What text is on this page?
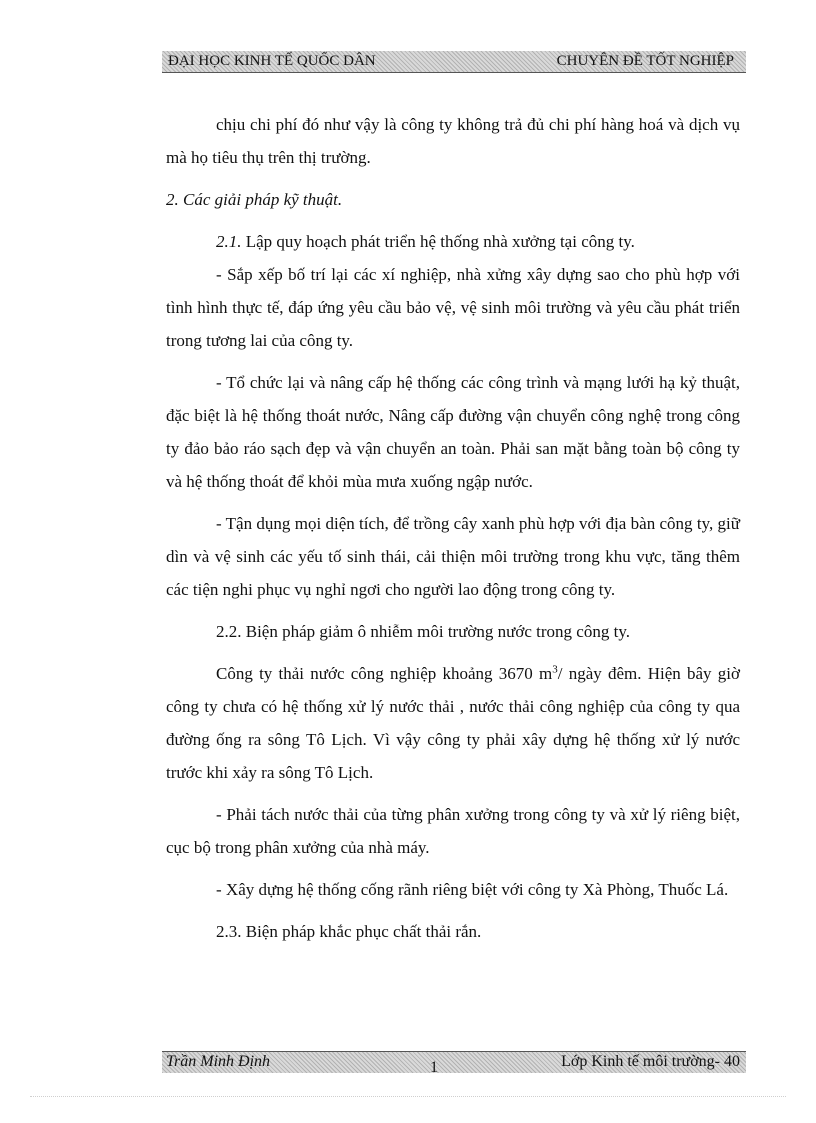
ĐẠI HỌC KINH TẾ QUỐC DÂN	CHUYÊN ĐỀ TỐT NGHIỆP

chịu chi phí đó như vậy là công ty không trả đủ chi phí hàng hoá và dịch vụ mà họ tiêu thụ trên thị trường.

2. Các giải pháp kỹ thuật.

2.1. Lập quy hoạch phát triển hệ thống nhà xưởng tại công ty.

- Sắp xếp bố trí lại các xí nghiệp, nhà xửng xây dựng sao cho phù hợp với tình hình thực tế, đáp ứng yêu cầu bảo vệ, vệ sinh môi trường và yêu cầu phát triển trong tương lai của công ty.

- Tổ chức lại và nâng cấp hệ thống các công trình và mạng lưới hạ kỷ thuật, đặc biệt là hệ thống thoát nước, Nâng cấp đường vận chuyển công nghệ trong công ty đảo bảo ráo sạch đẹp và vận chuyển an toàn. Phải san mặt bằng toàn bộ công ty và hệ thống thoát để khỏi mùa mưa xuống ngập nước.

- Tận dụng mọi diện tích, để trồng cây xanh phù hợp với địa bàn công ty, giữ dìn và vệ sinh các yếu tố sinh thái, cải thiện môi trường trong khu vực, tăng thêm các tiện nghi phục vụ nghỉ ngơi cho người lao động trong công ty.

2.2. Biện pháp giảm ô nhiễm môi trường nước trong công ty.

Công ty thải nước công nghiệp khoảng 3670 $m^3/$ ngày đêm. Hiện bây giờ công ty chưa có hệ thống xử lý nước thải , nước thải công nghiệp của công ty qua đường ống ra sông Tô Lịch. Vì vậy công ty phải xây dựng hệ thống xử lý nước trước khi xảy ra sông Tô Lịch.

- Phải tách nước thải của từng phân xưởng trong công ty và xử lý riêng biệt, cục bộ trong phân xưởng của nhà máy.

- Xây dựng hệ thống cống rãnh riêng biệt với công ty Xà Phòng, Thuốc Lá.

2.3. Biện pháp khắc phục chất thải rắn.

Trần Minh Định	Lớp Kinh tế môi trường- 40
1
